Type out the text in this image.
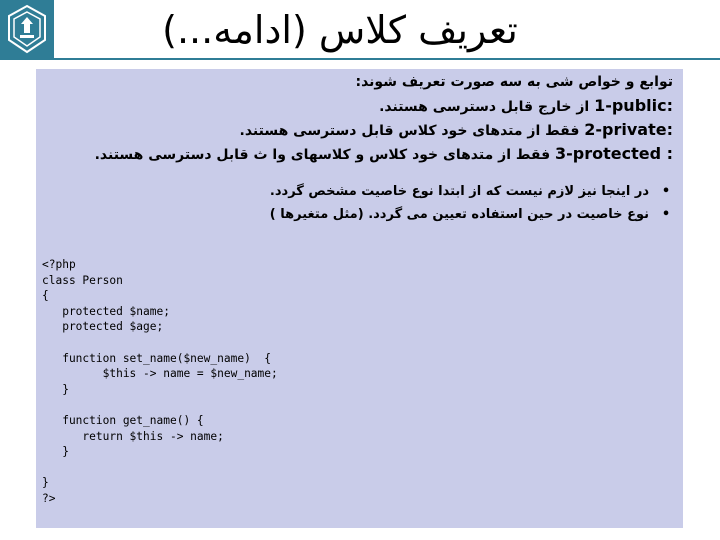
تعریف کلاس (ادامه...)
توابع و خواص شی به سه صورت تعریف شوند:
1-public: از خارج قابل دسترسی هستند.
2-private: فقط از متدهای خود کلاس قابل دسترسی هستند.
3-protected : فقط از متدهای خود کلاس و کلاسهای وا ث قابل دسترسی هستند.
•در اینجا نیز لازم نیست که از ابتدا نوع خاصیت مشخص گردد.
•نوع خاصیت در حین استفاده تعیین می گردد. (مثل متغیرها )
<?php
class Person
{
protected $name;
protected $age;

function set_name($new_name)  {
$this -> name = $new_name;
}

function get_name() {
return $this -> name;
}

}
?>
